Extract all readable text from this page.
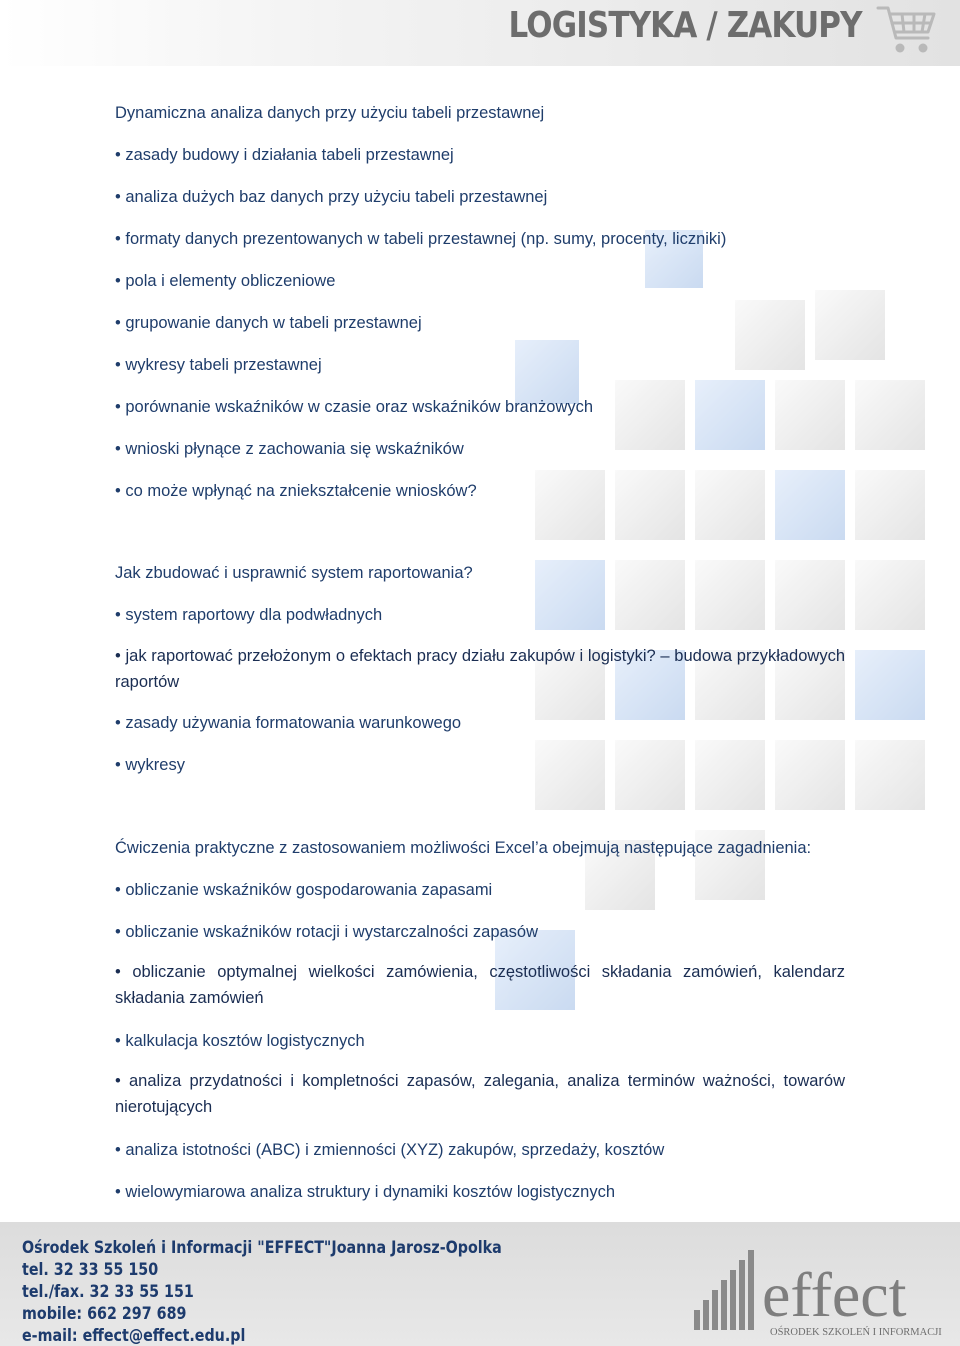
LOGISTYKA / ZAKUPY
Dynamiczna analiza danych przy użyciu tabeli przestawnej
• zasady budowy i działania tabeli przestawnej
• analiza dużych baz danych przy użyciu tabeli przestawnej
• formaty danych prezentowanych w tabeli przestawnej (np. sumy, procenty, liczniki)
• pola i elementy obliczeniowe
• grupowanie danych w tabeli przestawnej
• wykresy tabeli przestawnej
• porównanie wskaźników w czasie oraz wskaźników branżowych
• wnioski płynące z zachowania się wskaźników
• co może wpłynąć na zniekształcenie wniosków?
Jak zbudować i usprawnić system raportowania?
• system raportowy dla podwładnych
• jak raportować przełożonym o efektach pracy działu zakupów i logistyki? – budowa przykładowych raportów
• zasady używania formatowania warunkowego
• wykresy
Ćwiczenia praktyczne z zastosowaniem możliwości Excel’a obejmują następujące zagadnienia:
• obliczanie wskaźników gospodarowania zapasami
• obliczanie wskaźników rotacji i wystarczalności zapasów
• obliczanie optymalnej wielkości zamówienia, częstotliwości składania zamówień, kalendarz składania zamówień
• kalkulacja kosztów logistycznych
• analiza przydatności i kompletności zapasów, zalegania, analiza terminów ważności, towarów nierotujących
• analiza istotności (ABC) i zmienności (XYZ) zakupów, sprzedaży, kosztów
• wielowymiarowa analiza struktury i dynamiki kosztów logistycznych
Ośrodek Szkoleń i Informacji "EFFECT"Joanna Jarosz-Opolka
tel. 32 33 55 150
tel./fax. 32 33 55 151
mobile: 662 297 689
e-mail: effect@effect.edu.pl
effect
OŚRODEK SZKOLEŃ I INFORMACJI
